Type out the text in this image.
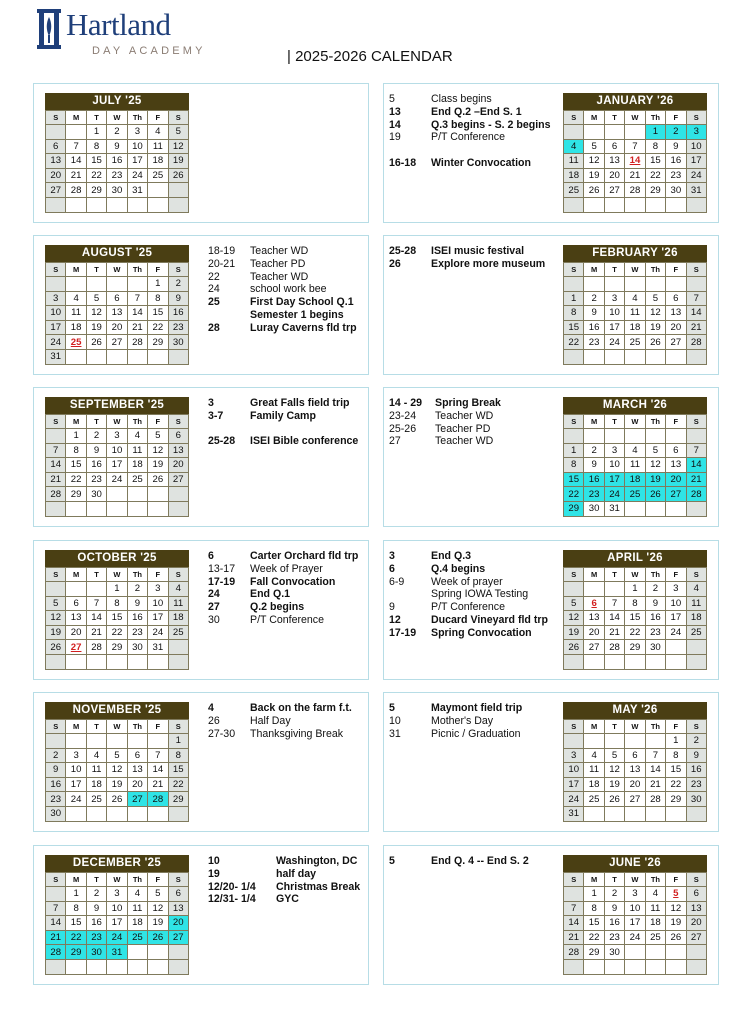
Hartland
DAY ACADEMY	| 2025-2026 CALENDAR
JULY '25
S	M	T	W	Th	F	S
		1	2	3	4	5
6	7	8	9	10	11	12
13	14	15	16	17	18	19
20	21	22	23	24	25	26
27	28	29	30	31		

JANUARY '26
S	M	T	W	Th	F	S
				1	2	3
4	5	6	7	8	9	10
11	12	13	14	15	16	17
18	19	20	21	22	23	24
25	26	27	28	29	30	31

5	Class begins
13	End Q.2 –End S. 1
14	Q.3 begins - S. 2 begins
19	P/T Conference

16-18 Winter Convocation
AUGUST '25
S	M	T	W	Th	F	S
					1	2
3	4	5	6	7	8	9
10	11	12	13	14	15	16
17	18	19	20	21	22	23
24	25	26	27	28	29	30
31						
18-19 Teacher WD
20-21 Teacher PD
22	Teacher WD
24	school work bee
25	First Day School Q.1
Semester 1 begins
28	Luray Caverns fld trp
FEBRUARY '26
S	M	T	W	Th	F	S

1	2	3	4	5	6	7
8	9	10	11	12	13	14
15	16	17	18	19	20	21
22	23	24	25	26	27	28

25-28 ISEI music festival
26	Explore more museum
SEPTEMBER '25
S	M	T	W	Th	F	S
	1	2	3	4	5	6
7	8	9	10	11	12	13
14	15	16	17	18	19	20
21	22	23	24	25	26	27
28	29	30				

3	Great Falls field trip
3-7	Family Camp

25-28 ISEI Bible conference
MARCH '26
S	M	T	W	Th	F	S

1	2	3	4	5	6	7
8	9	10	11	12	13	14
15	16	17	18	19	20	21
22	23	24	25	26	27	28
29	30	31				
14 - 29 Spring Break
23-24 Teacher WD
25-26 Teacher PD
27	Teacher WD
OCTOBER '25
S	M	T	W	Th	F	S
			1	2	3	4
5	6	7	8	9	10	11
12	13	14	15	16	17	18
19	20	21	22	23	24	25
26	27	28	29	30	31	

6	Carter Orchard fld trp
13-17 Week of Prayer
17-19 Fall Convocation
24	End Q.1
27	Q.2 begins
30	P/T Conference
APRIL '26
S	M	T	W	Th	F	S
			1	2	3	4
5	6	7	8	9	10	11
12	13	14	15	16	17	18
19	20	21	22	23	24	25
26	27	28	29	30		

3	End Q.3
6	Q.4 begins
6-9	Week of prayer
Spring IOWA Testing
9	P/T Conference
12	Ducard Vineyard fld trp
17-19 Spring Convocation
NOVEMBER '25
S	M	T	W	Th	F	S
						1
2	3	4	5	6	7	8
9	10	11	12	13	14	15
16	17	18	19	20	21	22
23	24	25	26	27	28	29
30						
4	Back on the farm f.t.
26	Half Day
27-30 Thanksgiving Break
MAY '26
S	M	T	W	Th	F	S
					1	2
3	4	5	6	7	8	9
10	11	12	13	14	15	16
17	18	19	20	21	22	23
24	25	26	27	28	29	30
31						
5	Maymont field trip
10	Mother's Day
31	Picnic / Graduation
DECEMBER '25
S	M	T	W	Th	F	S
	1	2	3	4	5	6
7	8	9	10	11	12	13
14	15	16	17	18	19	20
21	22	23	24	25	26	27
28	29	30	31			

10	Washington, DC
19	half day
12/20- 1/4 Christmas Break
12/31- 1/4 GYC
JUNE '26
S	M	T	W	Th	F	S
	1	2	3	4	5	6
7	8	9	10	11	12	13
14	15	16	17	18	19	20
21	22	23	24	25	26	27
28	29	30				

5	End Q. 4 -- End S. 2
